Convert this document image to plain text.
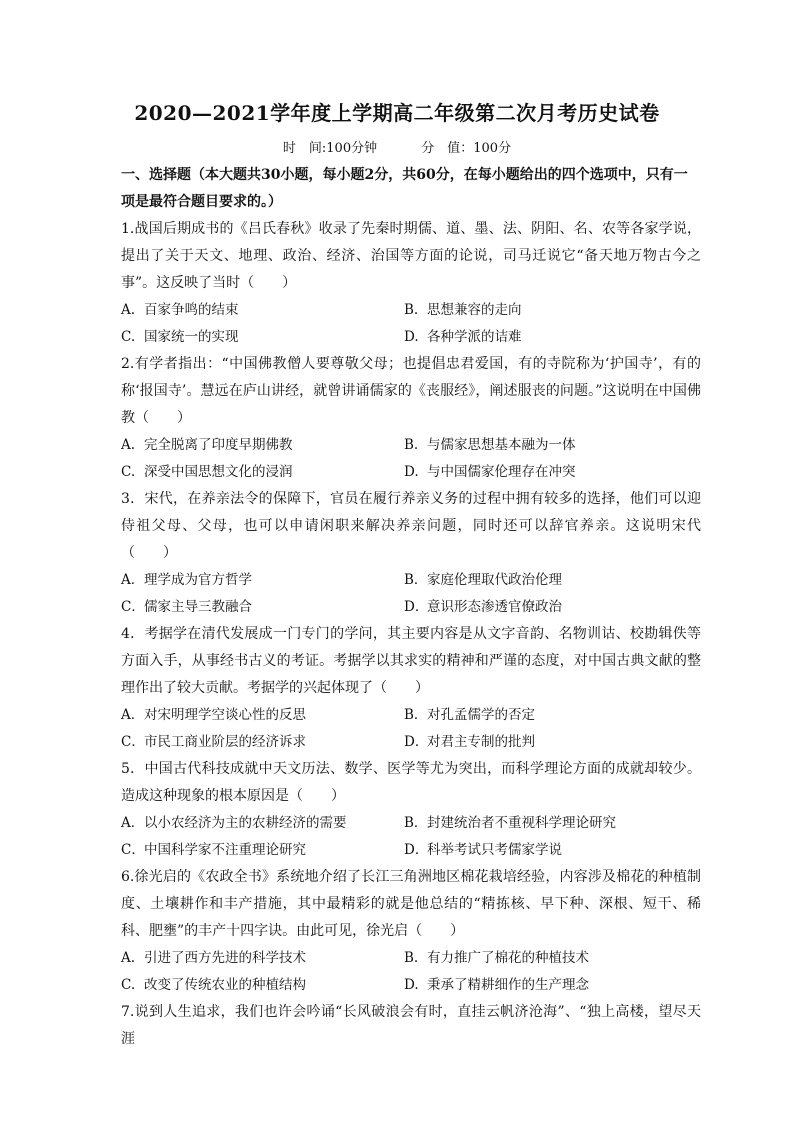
2020—2021学年度上学期高二年级第二次月考历史试卷
时　间:100分钟	分　值：100分

一、选择题（本大题共30小题，每小题2分，共60分，在每小题给出的四个选项中，只有一项是最符合题目要求的。）

1.战国后期成书的《吕氏春秋》收录了先秦时期儒、道、墨、法、阴阳、名、农等各家学说，提出了关于天文、地理、政治、经济、治国等方面的论说，司马迁说它“备天地万物古今之事”。这反映了当时（　　）

A. 百家争鸣的结束	B. 思想兼容的走向
C. 国家统一的实现	D. 各种学派的诘难

2.有学者指出：“中国佛教僧人要尊敬父母；也提倡忠君爱国，有的寺院称为‘护国寺’，有的称‘报国寺’。慧远在庐山讲经，就曾讲诵儒家的《丧服经》，阐述服丧的问题。”这说明在中国佛教（　　）

A. 完全脱离了印度早期佛教	B. 与儒家思想基本融为一体
C. 深受中国思想文化的浸润	D. 与中国儒家伦理存在冲突

3．宋代，在养亲法令的保障下，官员在履行养亲义务的过程中拥有较多的选择，他们可以迎侍祖父母、父母，也可以申请闲职来解决养亲问题，同时还可以辞官养亲。这说明宋代（　　）

A．理学成为官方哲学	B．家庭伦理取代政治伦理
C．儒家主导三教融合	D．意识形态渗透官僚政治

4．考据学在清代发展成一门专门的学问，其主要内容是从文字音韵、名物训诂、校勘辑佚等方面入手，从事经书古义的考证。考据学以其求实的精神和严谨的态度，对中国古典文献的整理作出了较大贡献。考据学的兴起体现了（　　）

A．对宋明理学空谈心性的反思	B．对孔孟儒学的否定
C．市民工商业阶层的经济诉求	D．对君主专制的批判

5．中国古代科技成就中天文历法、数学、医学等尤为突出，而科学理论方面的成就却较少。造成这种现象的根本原因是（　　）

A．以小农经济为主的农耕经济的需要	B．封建统治者不重视科学理论研究
C．中国科学家不注重理论研究	D．科举考试只考儒家学说

6.徐光启的《农政全书》系统地介绍了长江三角洲地区棉花栽培经验，内容涉及棉花的种植制度、土壤耕作和丰产措施，其中最精彩的就是他总结的“精拣核、早下种、深根、短干、稀科、肥壅”的丰产十四字诀。由此可见，徐光启（　　）

A. 引进了西方先进的科学技术	B. 有力推广了棉花的种植技术
C. 改变了传统农业的种植结构	D. 秉承了精耕细作的生产理念

7.说到人生追求，我们也许会吟诵“长风破浪会有时，直挂云帆济沧海”、“独上高楼，望尽天涯
